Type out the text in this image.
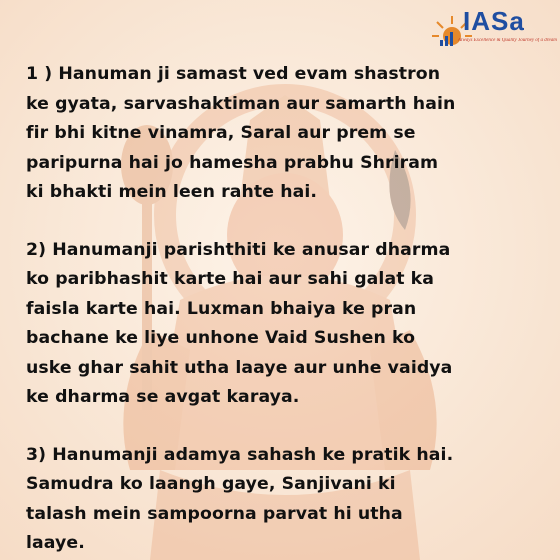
IASa
Always Excellence & Quality Journey of a dream
1 ) Hanuman ji samast ved evam shastron
ke gyata, sarvashaktiman aur samarth hain
fir bhi kitne vinamra, Saral aur prem se
paripurna hai jo hamesha prabhu Shriram
ki bhakti mein leen rahte hai.
2) Hanumanji parishthiti ke anusar dharma
ko paribhashit karte hai aur sahi galat ka
faisla karte hai. Luxman bhaiya ke pran
bachane ke liye unhone Vaid Sushen ko
uske ghar sahit utha laaye aur unhe vaidya
ke dharma se avgat karaya.
3) Hanumanji adamya sahash ke pratik hai.
Samudra ko laangh gaye, Sanjivani ki
talash mein sampoorna parvat hi utha
laaye.
